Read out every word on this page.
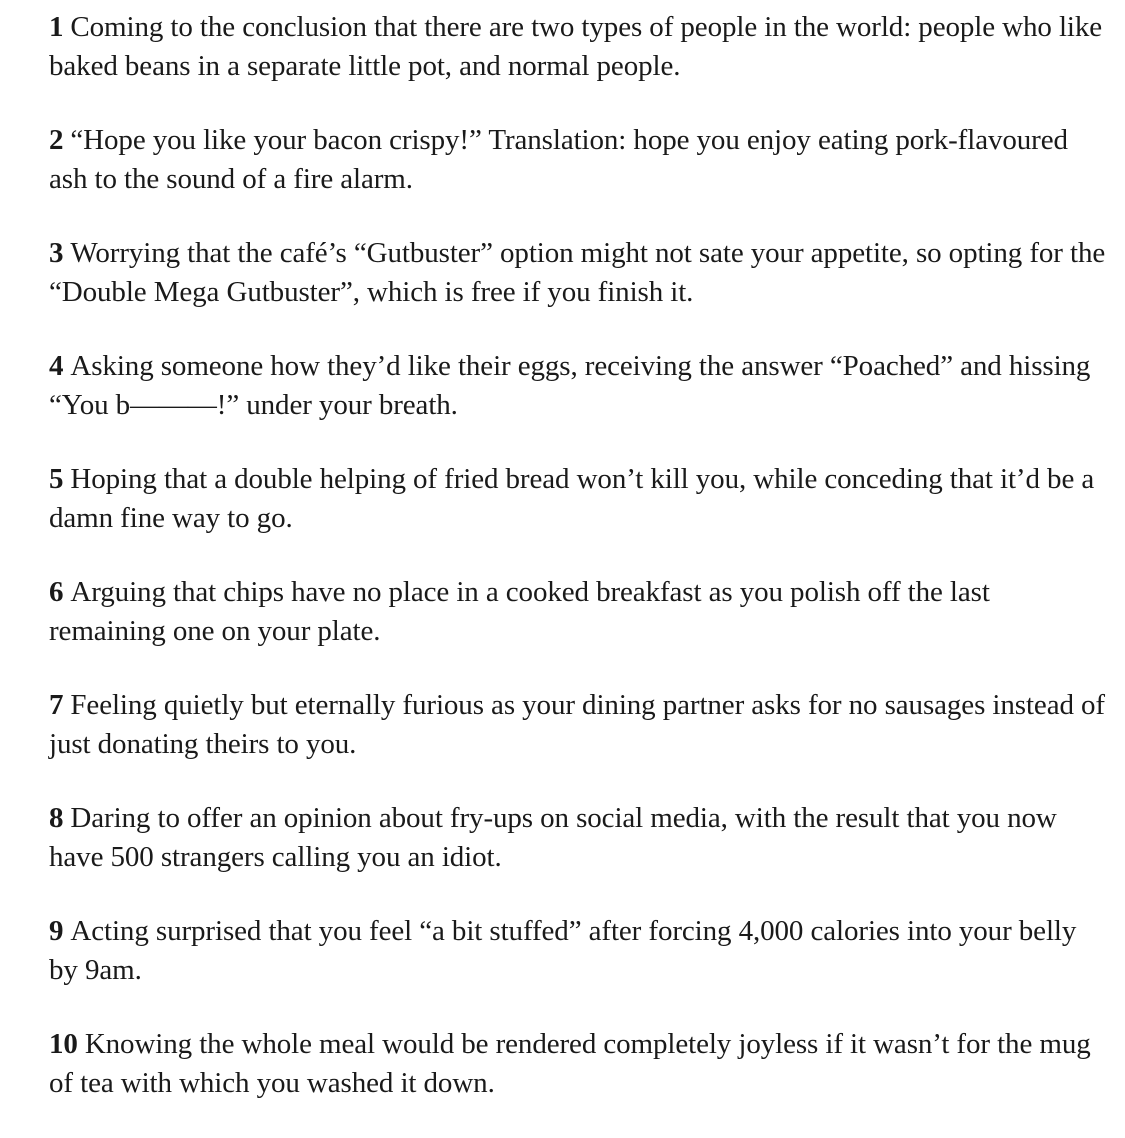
1 Coming to the conclusion that there are two types of people in the world: people who like baked beans in a separate little pot, and normal people.
2 “Hope you like your bacon crispy!” Translation: hope you enjoy eating pork-flavoured ash to the sound of a fire alarm.
3 Worrying that the café’s “Gutbuster” option might not sate your appetite, so opting for the “Double Mega Gutbuster”, which is free if you finish it.
4 Asking someone how they’d like their eggs, receiving the answer “Poached” and hissing “You b———!” under your breath.
5 Hoping that a double helping of fried bread won’t kill you, while conceding that it’d be a damn fine way to go.
6 Arguing that chips have no place in a cooked breakfast as you polish off the last remaining one on your plate.
7 Feeling quietly but eternally furious as your dining partner asks for no sausages instead of just donating theirs to you.
8 Daring to offer an opinion about fry-ups on social media, with the result that you now have 500 strangers calling you an idiot.
9 Acting surprised that you feel “a bit stuffed” after forcing 4,000 calories into your belly by 9am.
10 Knowing the whole meal would be rendered completely joyless if it wasn’t for the mug of tea with which you washed it down.
